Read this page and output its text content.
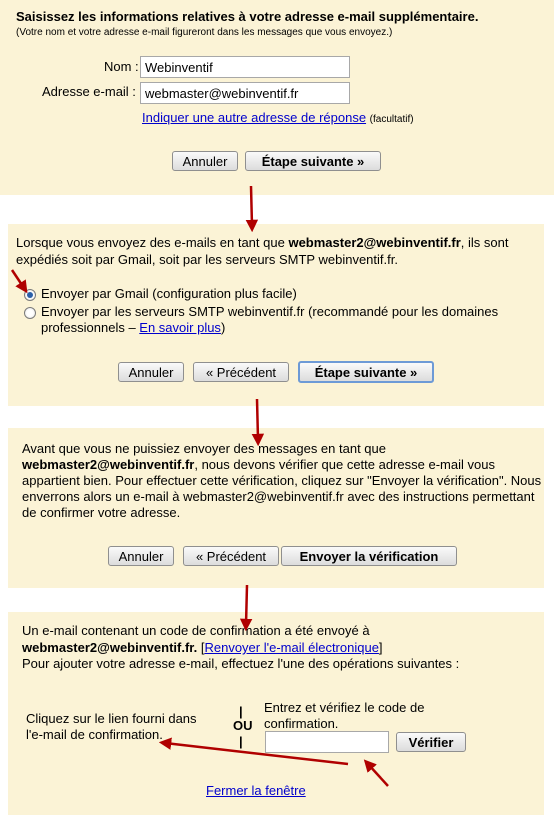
Saisissez les informations relatives à votre adresse e-mail supplémentaire.
(Votre nom et votre adresse e-mail figureront dans les messages que vous envoyez.)
Nom :
Webinventif
Adresse e-mail :
webmaster@webinventif.fr
Indiquer une autre adresse de réponse (facultatif)
Annuler	Étape suivante »
Lorsque vous envoyez des e-mails en tant que webmaster2@webinventif.fr, ils sont
expédiés soit par Gmail, soit par les serveurs SMTP webinventif.fr.
Envoyer par Gmail (configuration plus facile)
Envoyer par les serveurs SMTP webinventif.fr (recommandé pour les domaines
professionnels – En savoir plus)
Annuler	« Précédent	Étape suivante »
Avant que vous ne puissiez envoyer des messages en tant que
webmaster2@webinventif.fr, nous devons vérifier que cette adresse e-mail vous
appartient bien. Pour effectuer cette vérification, cliquez sur "Envoyer la vérification". Nous
enverrons alors un e-mail à webmaster2@webinventif.fr avec des instructions permettant
de confirmer votre adresse.
Annuler	« Précédent	Envoyer la vérification
Un e-mail contenant un code de confirmation a été envoyé à
webmaster2@webinventif.fr. [Renvoyer l'e-mail électronique]
Pour ajouter votre adresse e-mail, effectuez l'une des opérations suivantes :
Cliquez sur le lien fourni dans
l'e-mail de confirmation.
|
OU
|
Entrez et vérifiez le code de
confirmation.
Vérifier
Fermer la fenêtre
